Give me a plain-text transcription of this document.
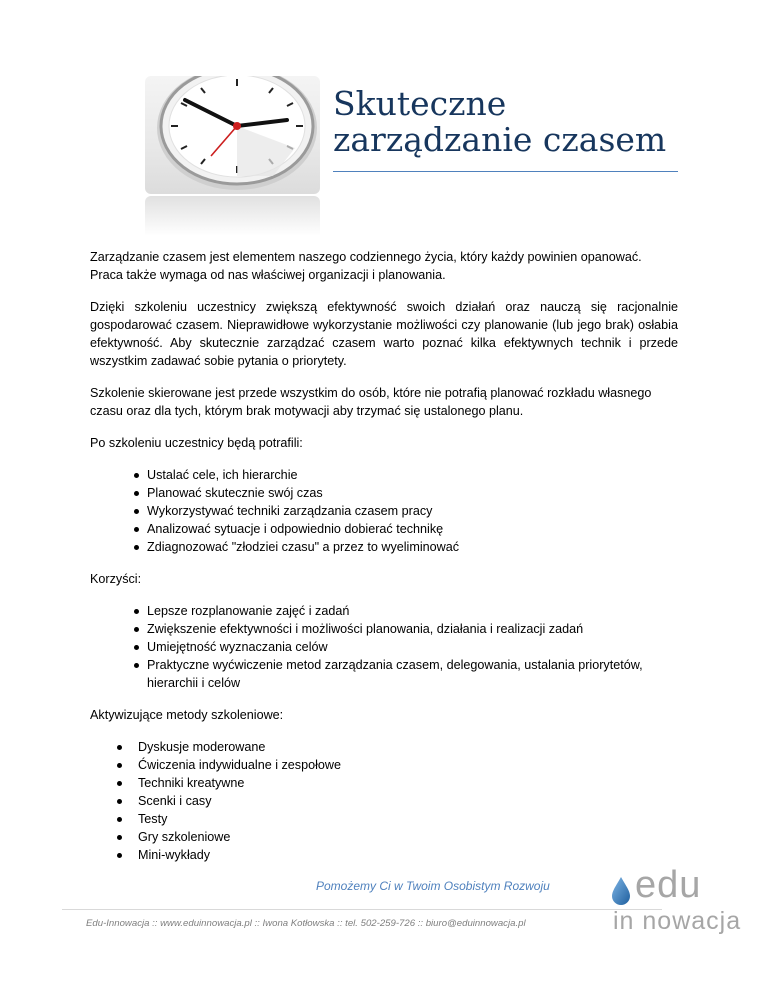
Skuteczne
zarządzanie czasem

Zarządzanie czasem jest elementem naszego codziennego życia, który każdy powinien opanować. Praca także wymaga od nas właściwej organizacji i planowania.

Dzięki szkoleniu uczestnicy zwiększą efektywność swoich działań oraz nauczą się racjonalnie gospodarować czasem. Nieprawidłowe wykorzystanie możliwości czy planowanie (lub jego brak) osłabia efektywność. Aby skutecznie zarządzać czasem warto poznać kilka efektywnych technik i przede wszystkim zadawać sobie pytania o priorytety.

Szkolenie skierowane jest przede wszystkim do osób, które nie potrafią planować rozkładu własnego czasu oraz dla tych, którym brak motywacji aby trzymać się ustalonego planu.

Po szkoleniu uczestnicy będą potrafili:

Ustalać cele, ich hierarchie
Planować skutecznie swój czas
Wykorzystywać techniki zarządzania czasem pracy
Analizować sytuacje i odpowiednio dobierać technikę
Zdiagnozować "złodziei czasu" a przez to wyeliminować

Korzyści:

Lepsze rozplanowanie zajęć i zadań
Zwiększenie efektywności i możliwości planowania, działania i realizacji zadań
Umiejętność wyznaczania celów
Praktyczne wyćwiczenie metod zarządzania czasem, delegowania, ustalania priorytetów, hierarchii i celów

Aktywizujące metody szkoleniowe:

Dyskusje moderowane
Ćwiczenia indywidualne i zespołowe
Techniki kreatywne
Scenki i casy
Testy
Gry szkoleniowe
Mini-wykłady
Pomożemy Ci w Twoim Osobistym Rozwoju
Edu-Innowacja :: www.eduinnowacja.pl :: Iwona Kotłowska :: tel. 502-259-726 :: biuro@eduinnowacja.pl
edu
in nowacja
